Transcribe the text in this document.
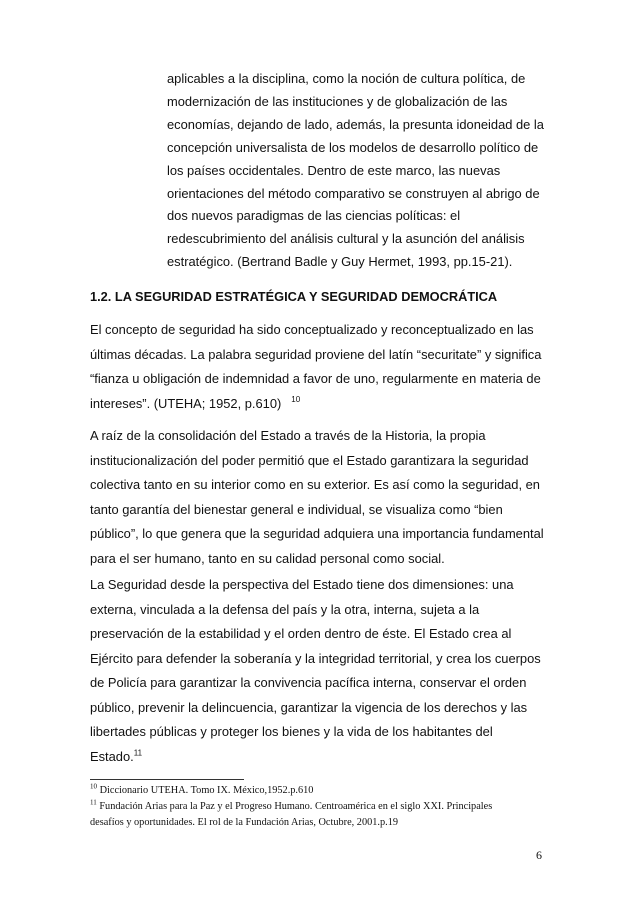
aplicables a la disciplina, como la noción de cultura política, de
modernización de las instituciones y de globalización de las
economías, dejando de lado, además, la presunta idoneidad de la
concepción universalista de los modelos de desarrollo político de
los países occidentales. Dentro de este marco, las nuevas
orientaciones del método comparativo se construyen al abrigo de
dos nuevos paradigmas de las ciencias políticas: el
redescubrimiento del análisis cultural y la asunción del análisis
estratégico. (Bertrand Badle y Guy Hermet, 1993, pp.15-21).
1.2. LA SEGURIDAD ESTRATÉGICA Y SEGURIDAD DEMOCRÁTICA
El concepto de seguridad ha sido conceptualizado y reconceptualizado en las
últimas décadas. La palabra seguridad proviene del latín “securitate” y significa
“fianza u obligación de indemnidad a favor de uno, regularmente en materia de
intereses”. (UTEHA; 1952, p.610) $^{10}$
A raíz de la consolidación del Estado a través de la Historia, la propia
institucionalización del poder permitió que el Estado garantizara la seguridad
colectiva tanto en su interior como en su exterior. Es así como la seguridad, en
tanto garantía del bienestar general e individual, se visualiza como “bien
público”, lo que genera que la seguridad adquiera una importancia fundamental
para el ser humano, tanto en su calidad personal como social.
La Seguridad desde la perspectiva del Estado tiene dos dimensiones: una
externa, vinculada a la defensa del país y la otra, interna, sujeta a la
preservación de la estabilidad y el orden dentro de éste. El Estado crea al
Ejército para defender la soberanía y la integridad territorial, y crea los cuerpos
de Policía para garantizar la convivencia pacífica interna, conservar el orden
público, prevenir la delincuencia, garantizar la vigencia de los derechos y las
libertades públicas y proteger los bienes y la vida de los habitantes del
Estado.$^{11}$
$^{10}$ Diccionario UTEHA. Tomo IX. México,1952.p.610
$^{11}$ Fundación Arias para la Paz y el Progreso Humano. Centroamérica en el siglo XXI. Principales
desafíos y oportunidades. El rol de la Fundación Arias, Octubre, 2001.p.19
6
